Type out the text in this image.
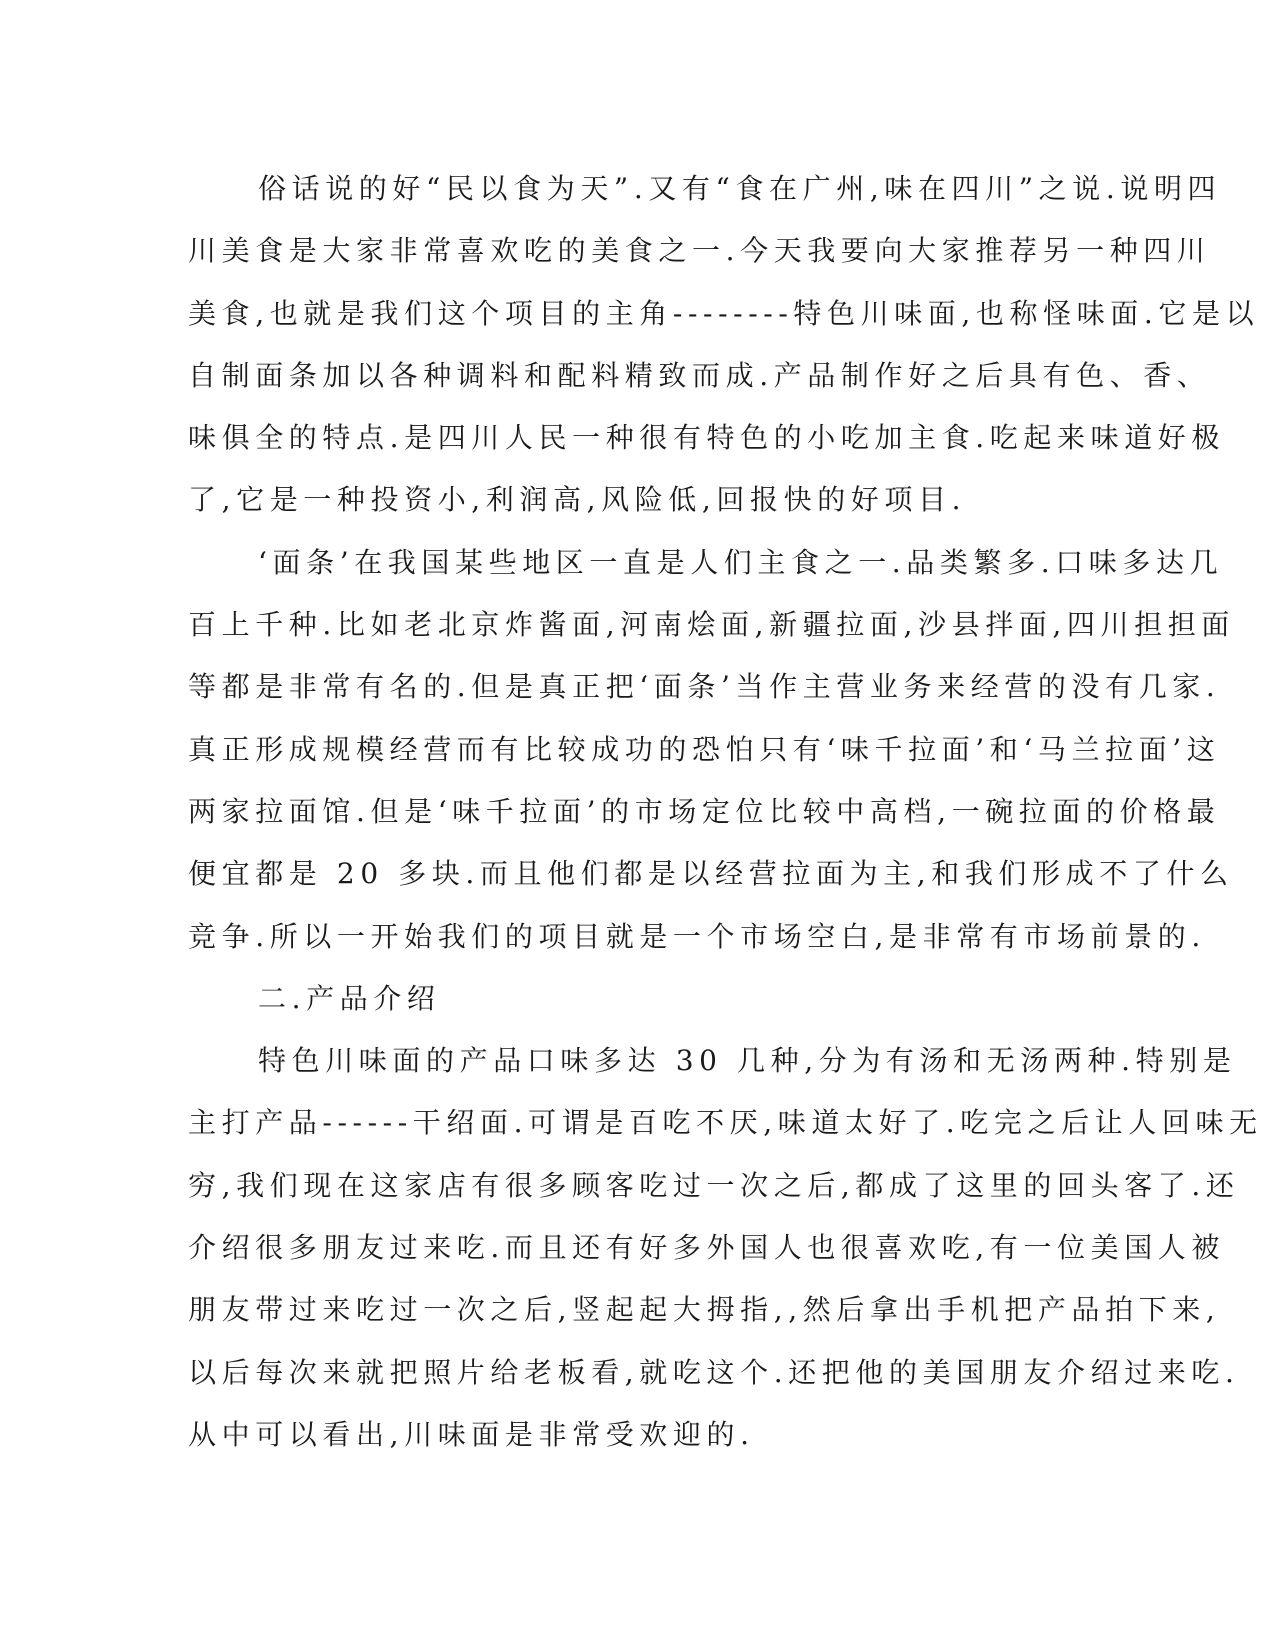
俗话说的好“民以食为天”.又有“食在广州,味在四川”之说.说明四
川美食是大家非常喜欢吃的美食之一.今天我要向大家推荐另一种四川
美食,也就是我们这个项目的主角--------特色川味面,也称怪味面.它是以
自制面条加以各种调料和配料精致而成.产品制作好之后具有色、香、
味俱全的特点.是四川人民一种很有特色的小吃加主食.吃起来味道好极
了,它是一种投资小,利润高,风险低,回报快的好项目.
‘面条’在我国某些地区一直是人们主食之一.品类繁多.口味多达几
百上千种.比如老北京炸酱面,河南烩面,新疆拉面,沙县拌面,四川担担面
等都是非常有名的.但是真正把‘面条’当作主营业务来经营的没有几家.
真正形成规模经营而有比较成功的恐怕只有‘味千拉面’和‘马兰拉面’这
两家拉面馆.但是‘味千拉面’的市场定位比较中高档,一碗拉面的价格最
便宜都是 20 多块.而且他们都是以经营拉面为主,和我们形成不了什么
竞争.所以一开始我们的项目就是一个市场空白,是非常有市场前景的.
二.产品介绍
特色川味面的产品口味多达 30 几种,分为有汤和无汤两种.特别是
主打产品------干绍面.可谓是百吃不厌,味道太好了.吃完之后让人回味无
穷,我们现在这家店有很多顾客吃过一次之后,都成了这里的回头客了.还
介绍很多朋友过来吃.而且还有好多外国人也很喜欢吃,有一位美国人被
朋友带过来吃过一次之后,竖起起大拇指,,然后拿出手机把产品拍下来,
以后每次来就把照片给老板看,就吃这个.还把他的美国朋友介绍过来吃.
从中可以看出,川味面是非常受欢迎的.
